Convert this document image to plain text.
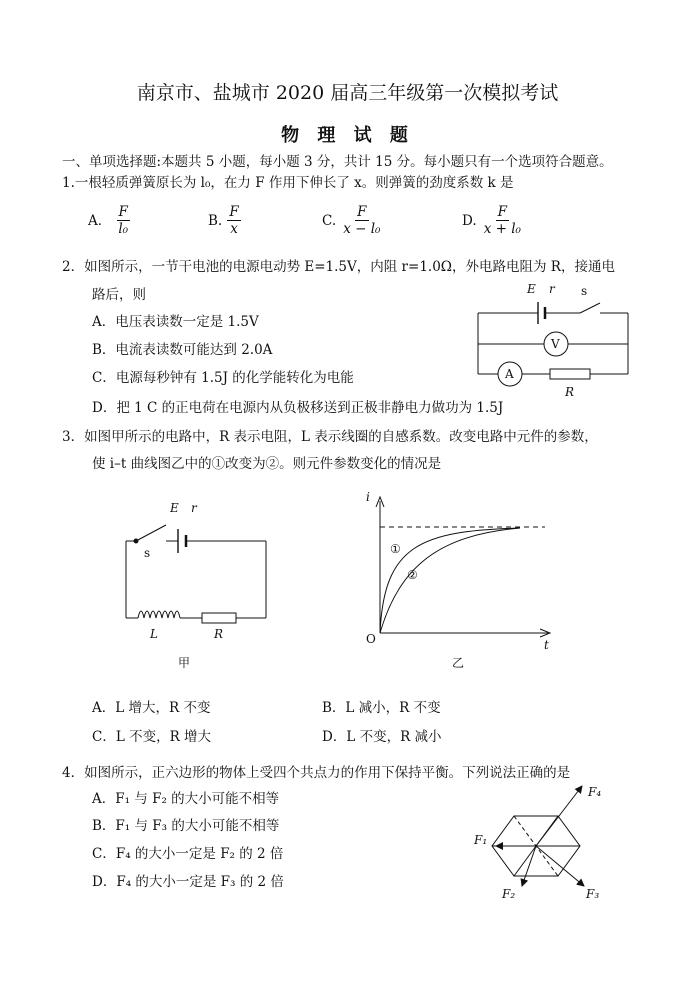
南京市、盐城市 2020 届高三年级第一次模拟考试
物 理 试 题
一、单项选择题:本题共 5 小题，每小题 3 分，共计 15 分。每小题只有一个选项符合题意。
1.一根轻质弹簧原长为 l₀，在力 F 作用下伸长了 x。则弹簧的劲度系数 k 是
A． $\frac{F}{\text{l₀}}$	B. $\frac{F}{x}$	C. $\frac{F}{\text{x − l₀}}$	D. $\frac{F}{\text{x + l₀}}$
2．如图所示，一节干电池的电源电动势 E=1.5V，内阻 r=1.0Ω，外电路电阻为 R，接通电
路后，则
A．电压表读数一定是 1.5V
B．电流表读数可能达到 2.0A
C．电源每秒钟有 1.5J 的化学能转化为电能
D．把 1 C 的正电荷在电源内从负极移送到正极非静电力做功为 1.5J
E r s
V
A
R
3．如图甲所示的电路中，R 表示电阻，L 表示线圈的自感系数。改变电路中元件的参数，
使 i–t 曲线图乙中的①改变为②。则元件参数变化的情况是
E r
s
L	R
甲
i
t
O
①
②
乙
A．L 增大，R 不变	B．L 减小，R 不变
C．L 不变，R 增大	D．L 不变，R 减小
4．如图所示，正六边形的物体上受四个共点力的作用下保持平衡。下列说法正确的是
A．F₁ 与 F₂ 的大小可能不相等
B．F₁ 与 F₃ 的大小可能不相等
C．F₄ 的大小一定是 F₂ 的 2 倍
D．F₄ 的大小一定是 F₃ 的 2 倍
F₄
F₁
F₂	F₃
